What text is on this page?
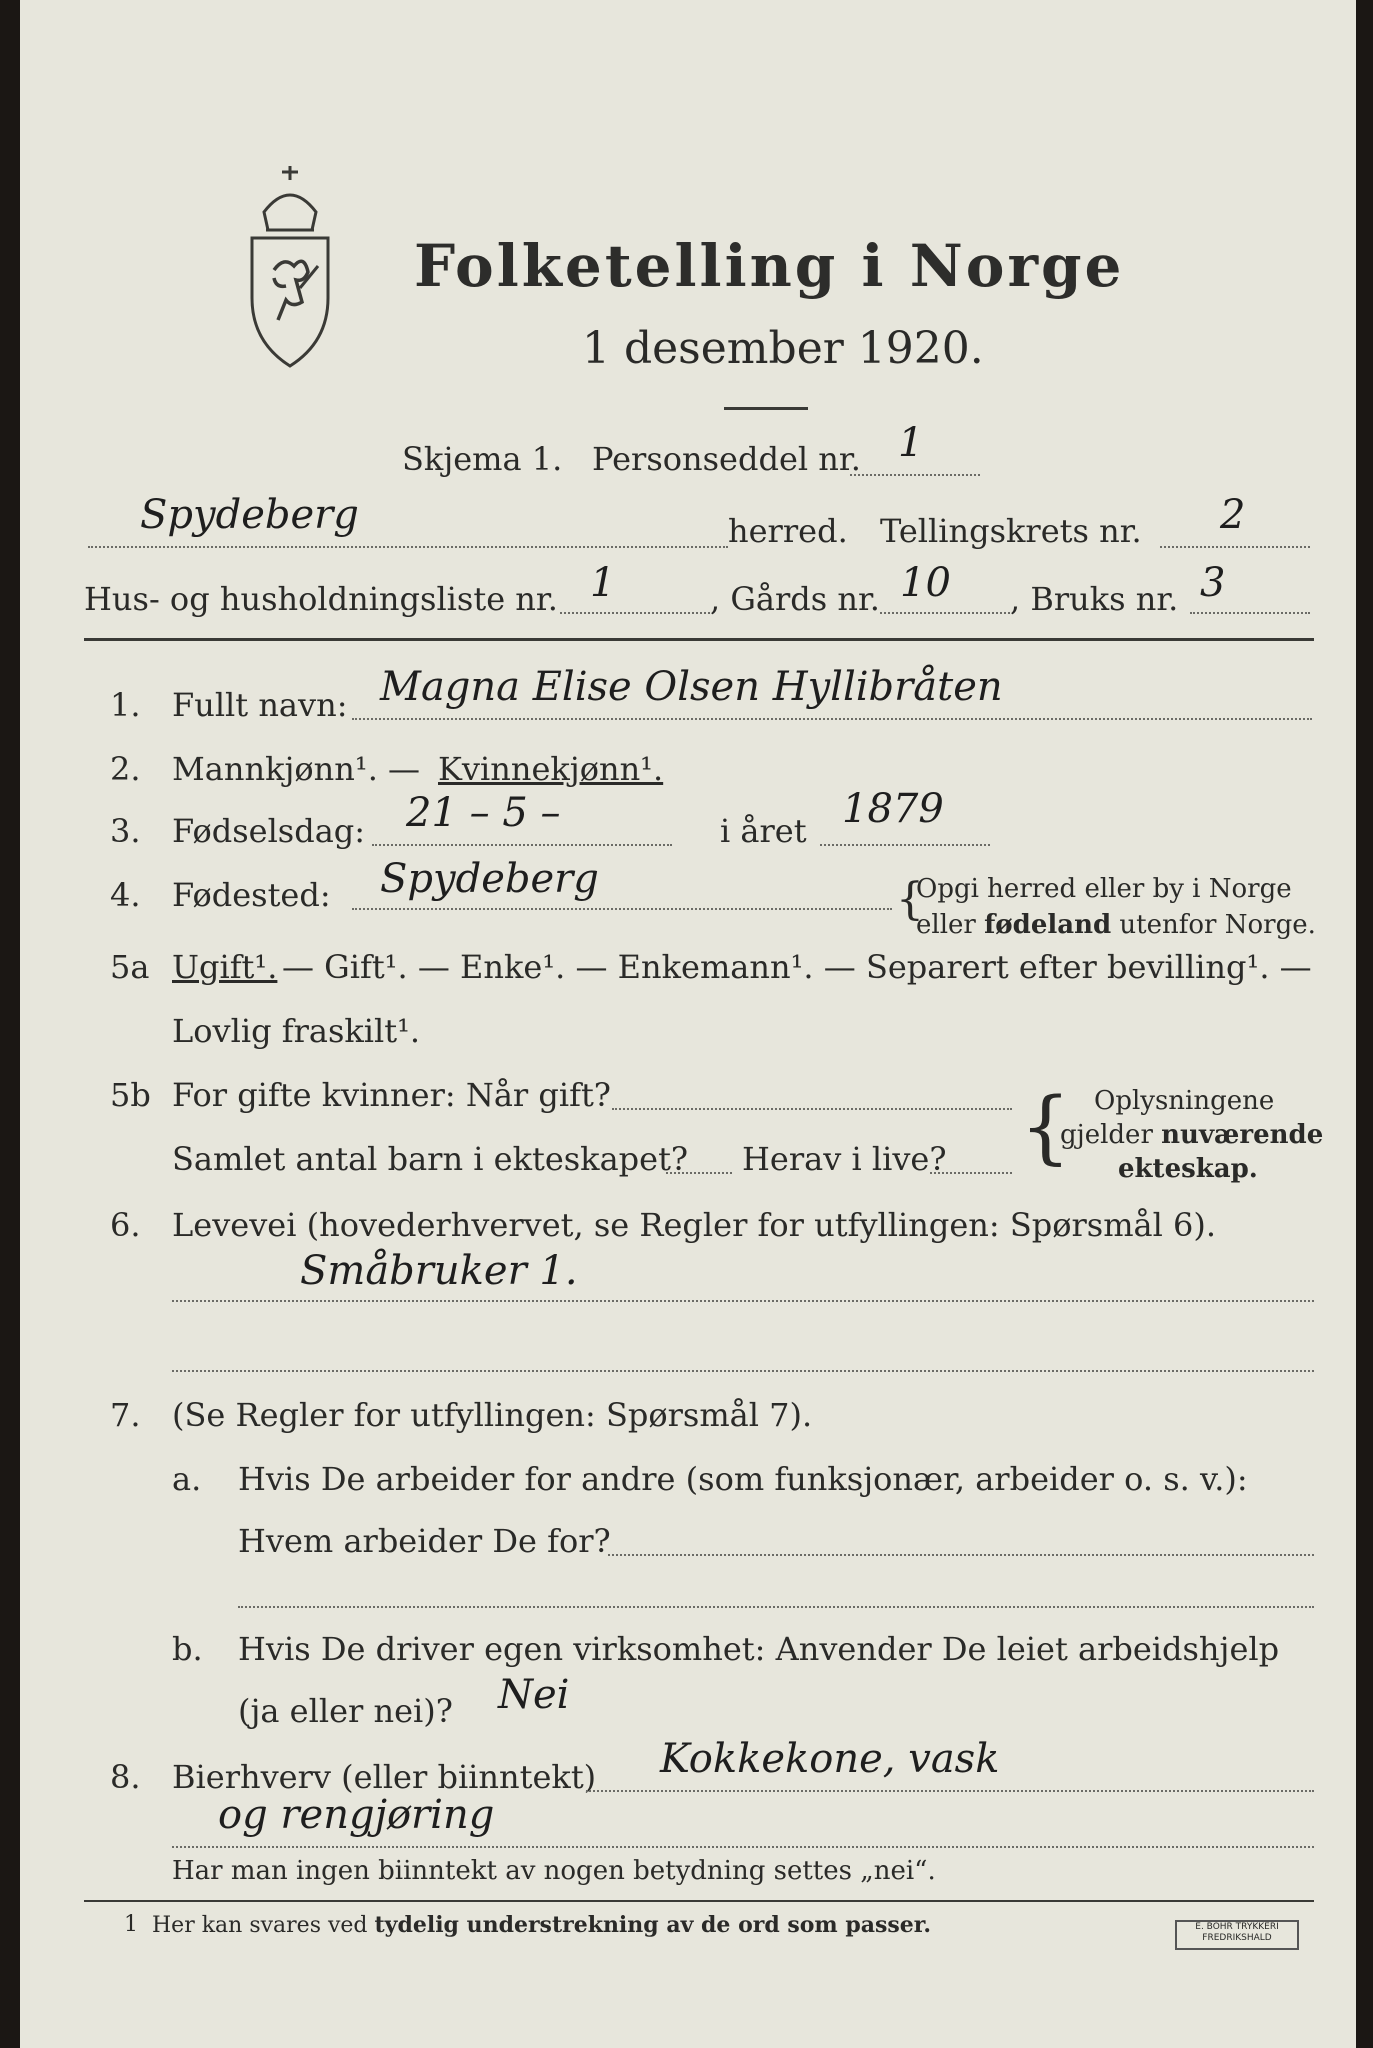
Folketelling i Norge
1 desember 1920.
Skjema 1. Personseddel nr. 1
Spydeberg	herred. Tellingskrets nr. 2
Hus- og husholdningsliste nr. 1	, Gårds nr. 10 , Bruks nr. 3
1. Fullt navn: Magna Elise Olsen Hyllibråten
2. Mannkjønn¹. — Kvinnekjønn¹.
3. Fødselsdag: 21 – 5 –	i året 1879
4. Fødested: Spydeberg	{
Opgi herred eller by i Norge
eller fødeland utenfor Norge.
5a Ugift¹. — Gift¹. — Enke¹. — Enkemann¹. — Separert efter bevilling¹. —
Lovlig fraskilt¹.
5b For gifte kvinner: Når gift?
Samlet antal barn i ekteskapet? Herav i live? { Oplysningene
gjelder nuværende
ekteskap.
6. Levevei (hovederhvervet, se Regler for utfyllingen: Spørsmål 6).
Småbruker 1.
7. (Se Regler for utfyllingen: Spørsmål 7).
a. Hvis De arbeider for andre (som funksjonær, arbeider o. s. v.):
Hvem arbeider De for?
b. Hvis De driver egen virksomhet: Anvender De leiet arbeidshjelp
(ja eller nei)? Nei
8. Bierhverv (eller biinntekt) Kokkekone, vask
og rengjøring
Har man ingen biinntekt av nogen betydning settes „nei“.
1 Her kan svares ved tydelig understrekning av de ord som passer.	E. BOHR TRYKKERI
FREDRIKSHALD
